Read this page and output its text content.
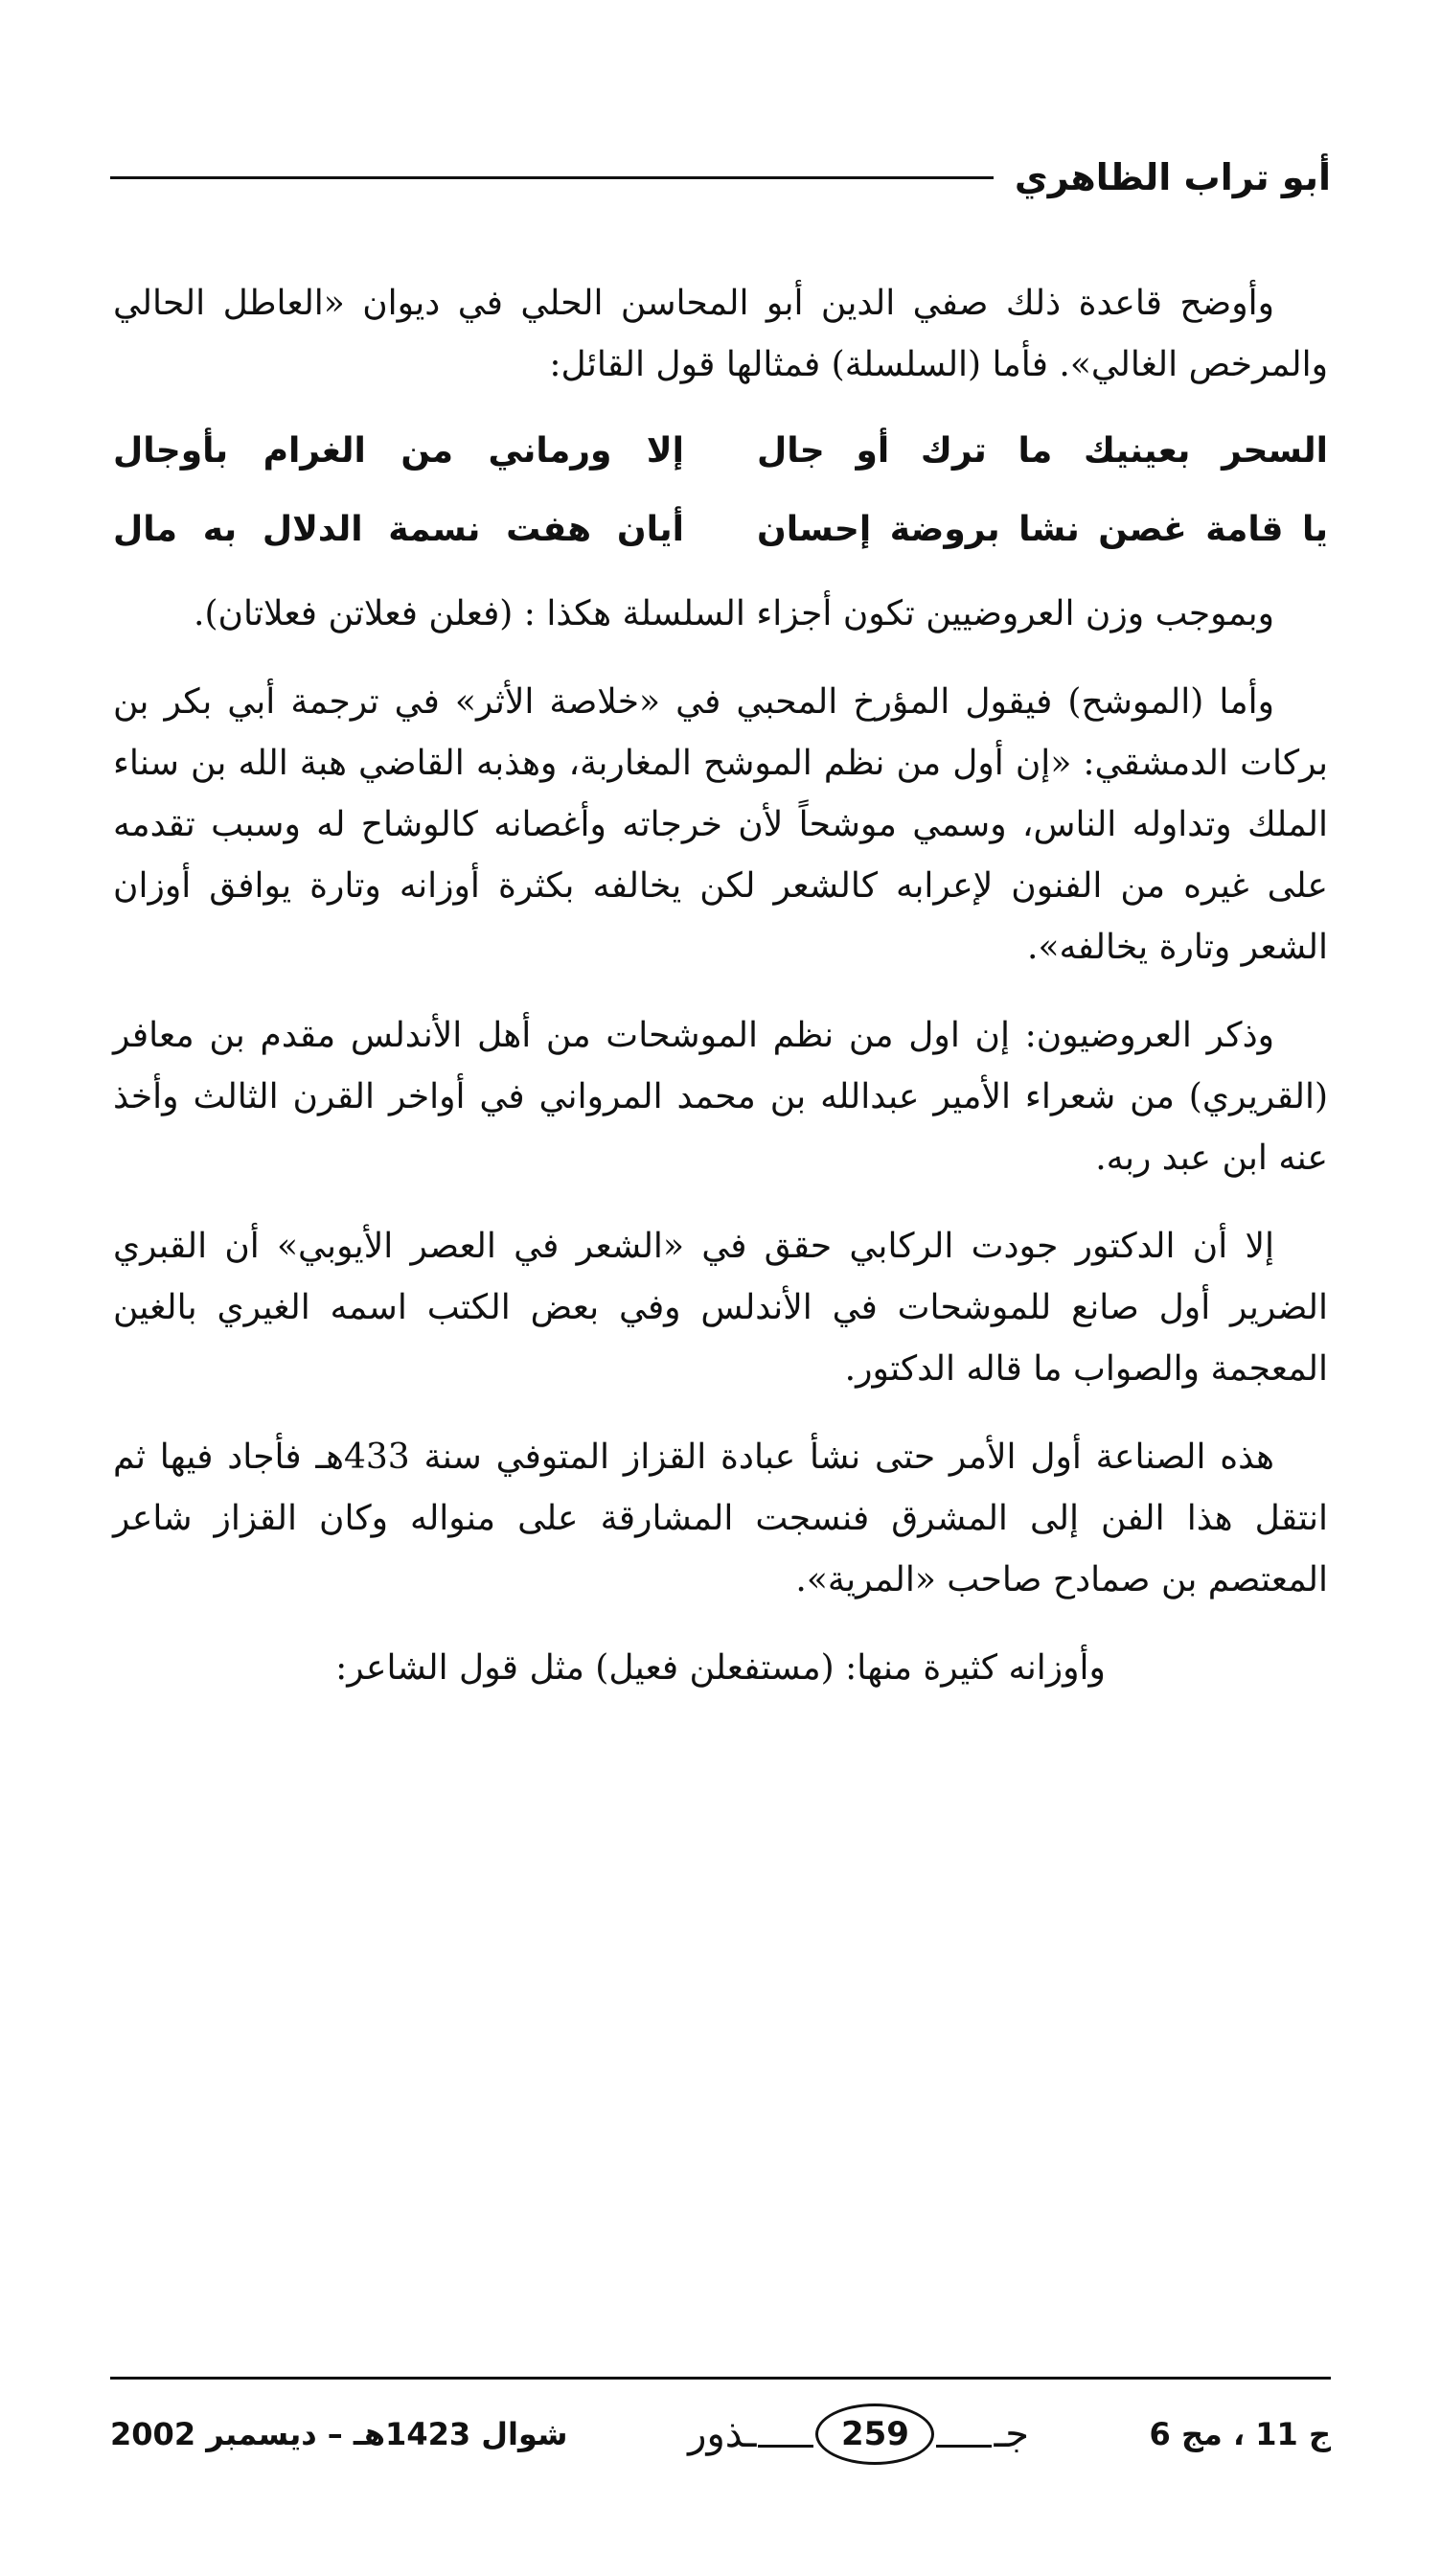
أبو تراب الظاهري

وأوضح قاعدة ذلك صفي الدين أبو المحاسن الحلي في ديوان «العاطل الحالي والمرخص الغالي». فأما (السلسلة) فمثالها قول القائل:

السحر بعينيك ما ترك أو جال
إلا ورماني من الغرام بأوجال
يا قامة غصن نشا بروضة إحسان
أيان هفت نسمة الدلال به مال

وبموجب وزن العروضيين تكون أجزاء السلسلة هكذا : (فعلن فعلاتن فعلاتان).

وأما (الموشح) فيقول المؤرخ المحبي في «خلاصة الأثر» في ترجمة أبي بكر بن بركات الدمشقي: «إن أول من نظم الموشح المغاربة، وهذبه القاضي هبة الله بن سناء الملك وتداوله الناس، وسمي موشحاً لأن خرجاته وأغصانه كالوشاح له وسبب تقدمه على غيره من الفنون لإعرابه كالشعر لكن يخالفه بكثرة أوزانه وتارة يوافق أوزان الشعر وتارة يخالفه».

وذكر العروضيون: إن اول من نظم الموشحات من أهل الأندلس مقدم بن معافر (القريري) من شعراء الأمير عبدالله بن محمد المرواني في أواخر القرن الثالث وأخذ عنه ابن عبد ربه.

إلا أن الدكتور جودت الركابي حقق في «الشعر في العصر الأيوبي» أن القبري الضرير أول صانع للموشحات في الأندلس وفي بعض الكتب اسمه الغيري بالغين المعجمة والصواب ما قاله الدكتور.

هذه الصناعة أول الأمر حتى نشأ عبادة القزاز المتوفي سنة 433هـ فأجاد فيها ثم انتقل هذا الفن إلى المشرق فنسجت المشارقة على منواله وكان القزاز شاعر المعتصم بن صمادح صاحب «المرية».

وأوزانه كثيرة منها: (مستفعلن فعيل) مثل قول الشاعر:

ج 11 ، مج 6
جـ
259
ـذور
شوال 1423هـ – ديسمبر 2002
